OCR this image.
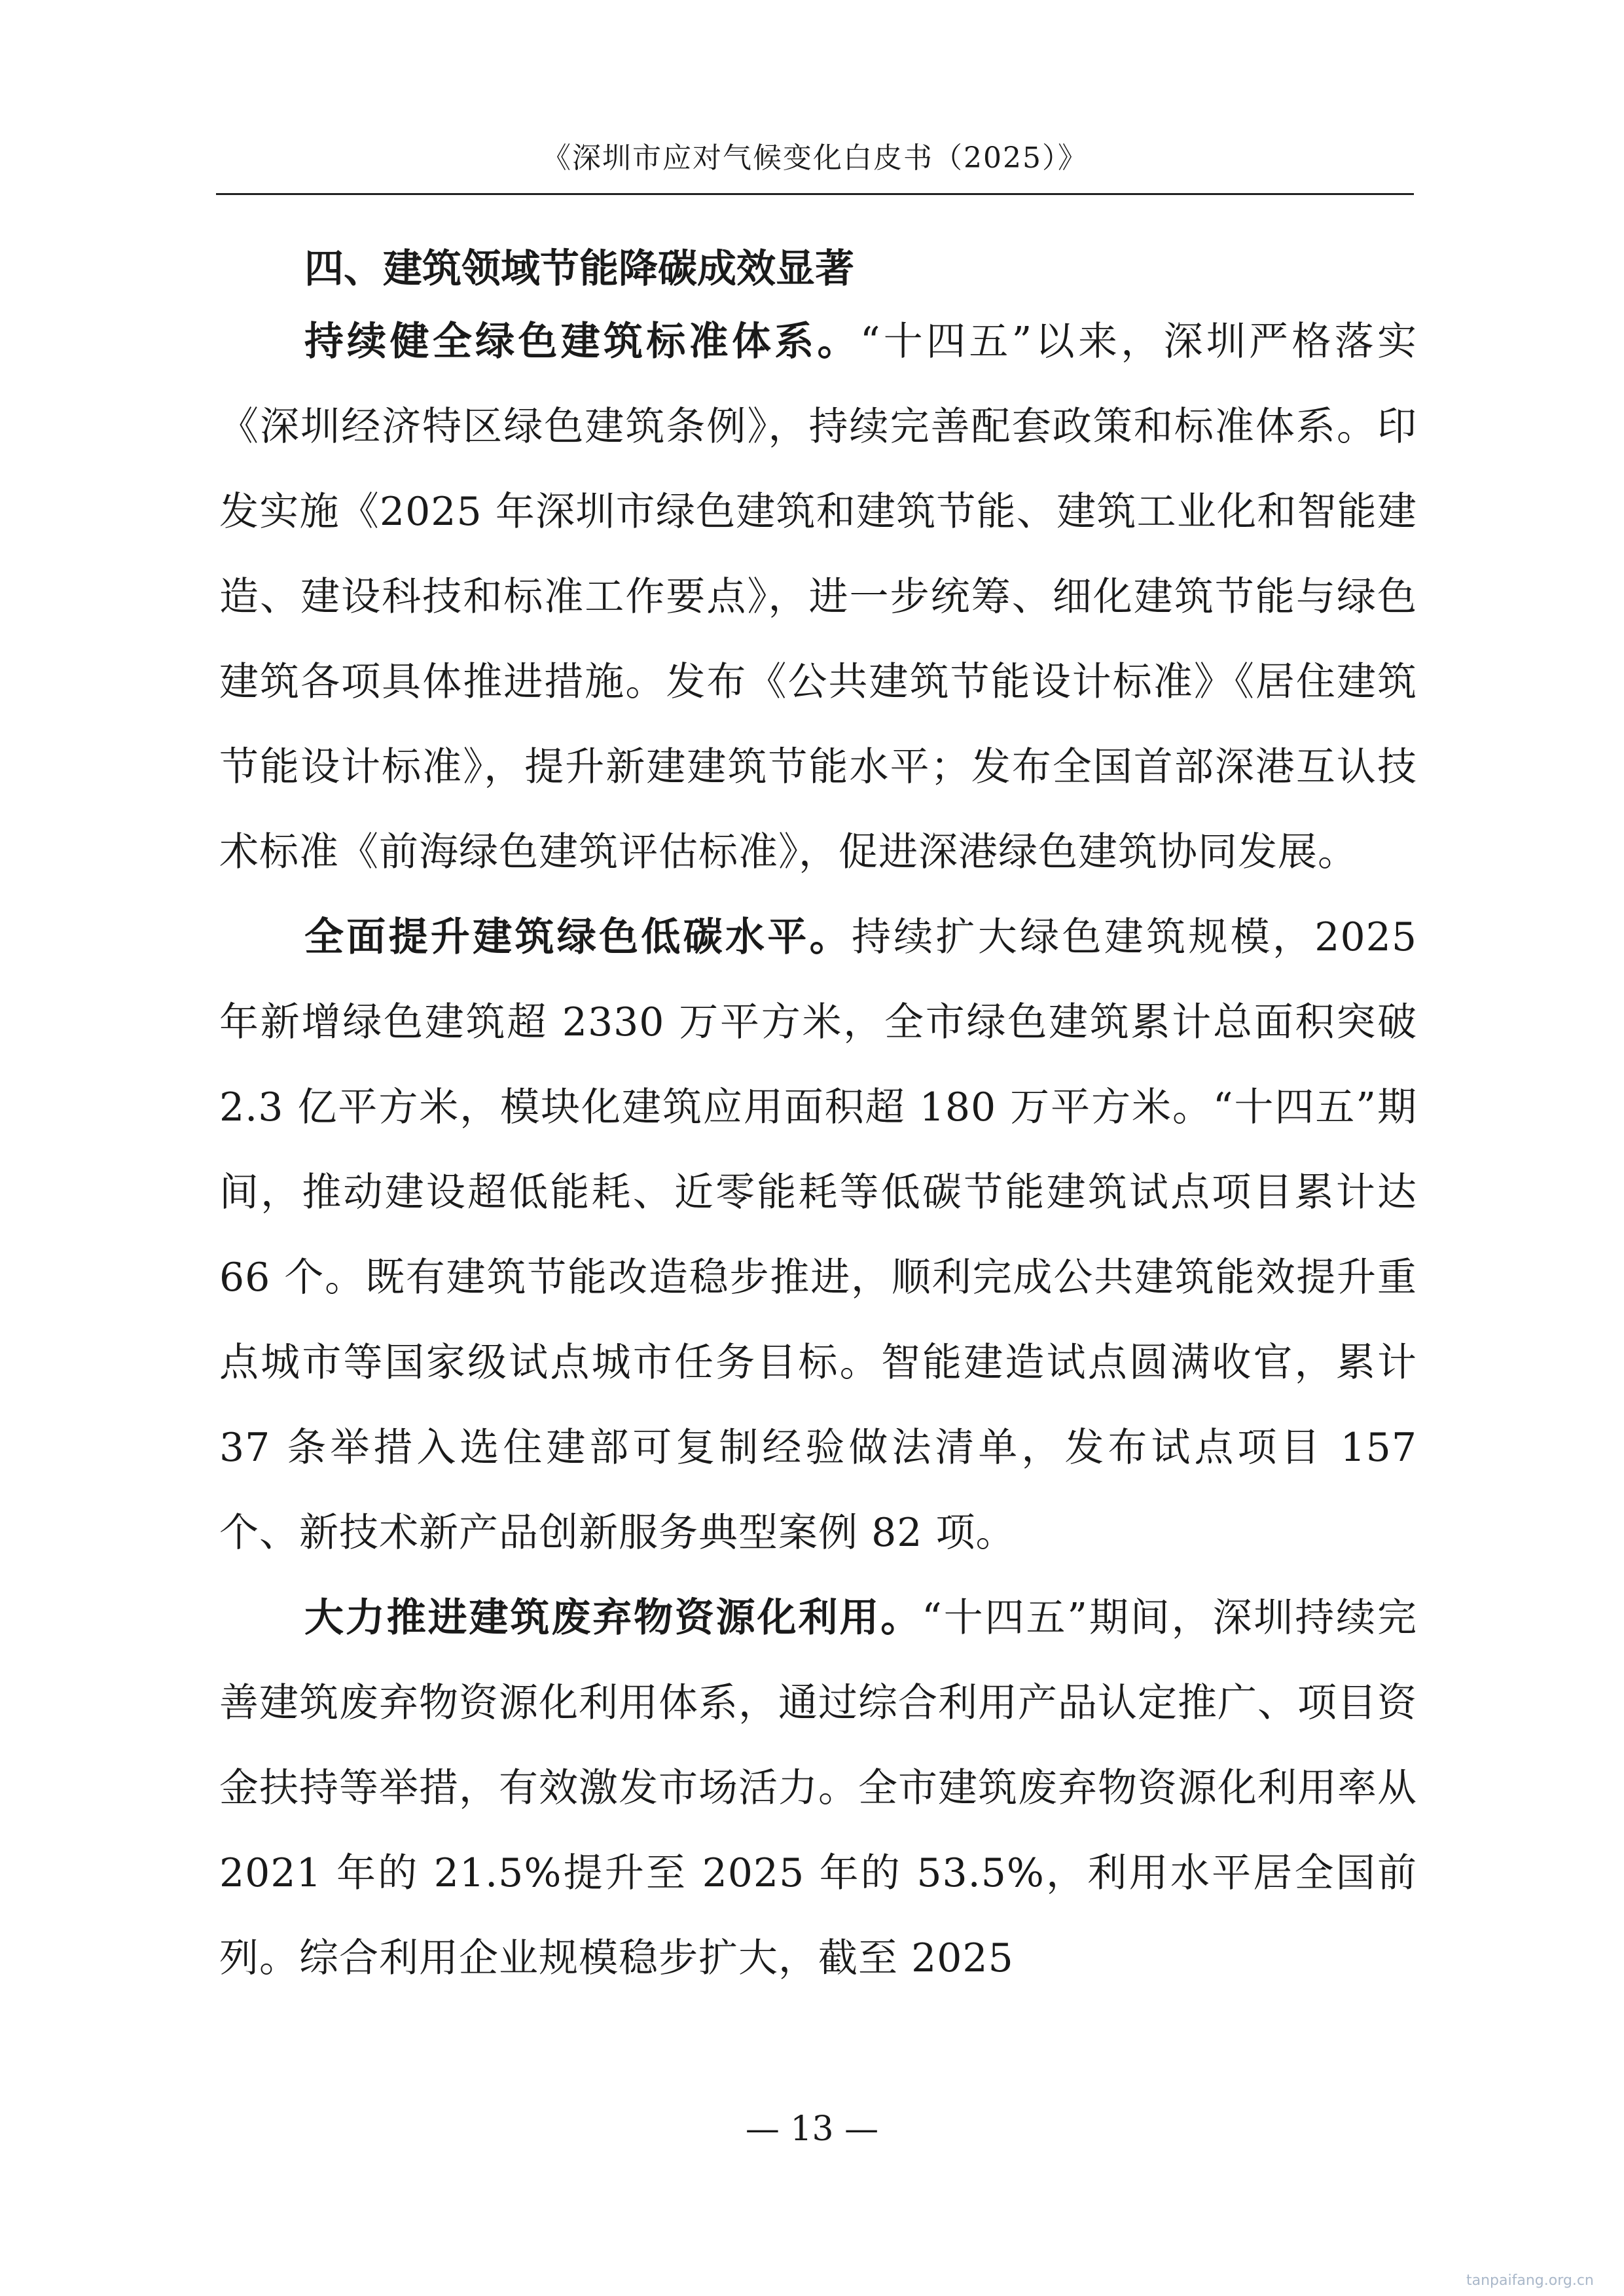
《深圳市应对气候变化白皮书（2025）》
四、建筑领域节能降碳成效显著

持续健全绿色建筑标准体系。“十四五”以来，深圳严格落实《深圳经济特区绿色建筑条例》，持续完善配套政策和标准体系。印发实施《2025 年深圳市绿色建筑和建筑节能、建筑工业化和智能建造、建设科技和标准工作要点》，进一步统筹、细化建筑节能与绿色建筑各项具体推进措施。发布《公共建筑节能设计标准》《居住建筑节能设计标准》，提升新建建筑节能水平；发布全国首部深港互认技术标准《前海绿色建筑评估标准》，促进深港绿色建筑协同发展。

全面提升建筑绿色低碳水平。持续扩大绿色建筑规模，2025 年新增绿色建筑超 2330 万平方米，全市绿色建筑累计总面积突破 2.3 亿平方米，模块化建筑应用面积超 180 万平方米。“十四五”期间，推动建设超低能耗、近零能耗等低碳节能建筑试点项目累计达 66 个。既有建筑节能改造稳步推进，顺利完成公共建筑能效提升重点城市等国家级试点城市任务目标。智能建造试点圆满收官，累计 37 条举措入选住建部可复制经验做法清单，发布试点项目 157 个、新技术新产品创新服务典型案例 82 项。

大力推进建筑废弃物资源化利用。“十四五”期间，深圳持续完善建筑废弃物资源化利用体系，通过综合利用产品认定推广、项目资金扶持等举措，有效激发市场活力。全市建筑废弃物资源化利用率从 2021 年的 21.5%提升至 2025 年的 53.5%，利用水平居全国前列。综合利用企业规模稳步扩大，截至 2025

— 13 —
tanpaifang.org.cn
